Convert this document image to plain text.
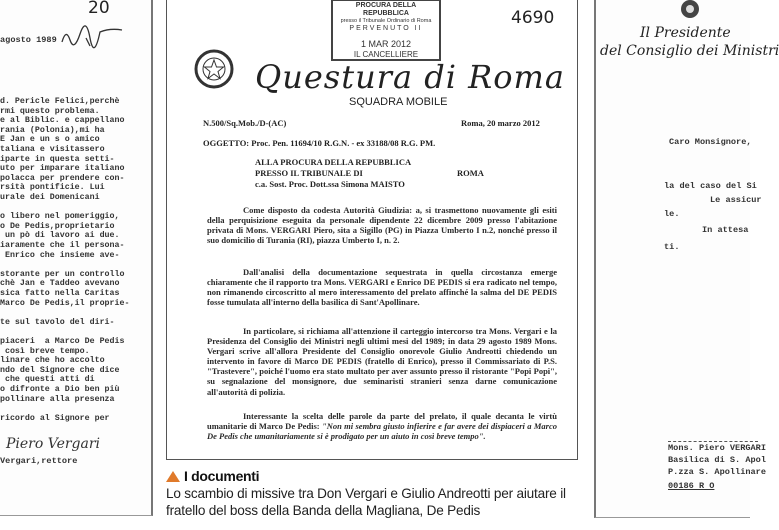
20
agosto 1989
d. Pericle Felici,perchè
rmi questo problema.
e al Biblic. e cappellano
rania (Polonia),mi ha
E Jan e un s o amico
taliana e visitassero
iparte in questa setti-
uto per imparare italiano
polacca per prendere con-
rsità pontificie. Lui
urale dei Domenicani
o libero nel pomeriggio,
o De Pedis,proprietario
un pò di lavoro ai due.
iaramente che il persona-
Enrico che insieme ave-
storante per un controllo
chè Jan e Taddeo avevano
sica fatto nella Caritas
Marco De Pedis,il proprie-
te sul tavolo del diri-
piaceri  a Marco De Pedis
così breve tempo.
linare che ho accolto
ndo del Signore che dice
che questi atti di
o difronte a Dio ben più
pollinare alla presenza
ricordo al Signore per
Piero Vergari
Vergari,rettore
PROCURA DELLA REPUBBLICA
presso il Tribunale Ordinario di Roma
PERVENUTO II
1 MAR 2012
IL CANCELLIERE
4690
Questura di Roma
SQUADRA MOBILE
N.500/Sq.Mob./D-(AC)	Roma, 20 marzo 2012
OGGETTO: Proc. Pen. 11694/10 R.G.N. - ex 33188/08 R.G. PM.
ALLA PROCURA DELLA REPUBBLICA
PRESSO IL TRIBUNALE DI
c.a. Sost. Proc. Dott.ssa Simona MAISTO
ROMA
Come disposto da codesta Autorità Giudizia: a, si trasmettono nuovamente gli esiti della perquisizione eseguita da personale dipendente 22 dicembre 2009 presso l'abitazione privata di Mons. VERGARI Piero, sita a Sigillo (PG) in Piazza Umberto I n.2, nonché presso il suo domicilio di Turania (RI), piazza Umberto I, n. 2.
Dall'analisi della documentazione sequestrata in quella circostanza emerge chiaramente che il rapporto tra Mons. VERGARI e Enrico DE PEDIS si era radicato nel tempo, non rimanendo circoscritto al mero interessamento del prelato affinché la salma del DE PEDIS fosse tumulata all'interno della basilica di Sant'Apollinare.
In particolare, si richiama all'attenzione il carteggio intercorso tra Mons. Vergari e la Presidenza del Consiglio dei Ministri negli ultimi mesi del 1989; in data 29 agosto 1989 Mons. Vergari scrive all'allora Presidente del Consiglio onorevole Giulio Andreotti chiedendo un intervento in favore di Marco DE PEDIS (fratello di Enrico), presso il Commissariato di P.S. "Trastevere", poiché l'uomo era stato multato per aver assunto presso il ristorante "Popi Popi", su segnalazione del monsignore, due seminaristi stranieri senza darne comunicazione all'autorità di polizia.
Interessante la scelta delle parole da parte del prelato, il quale decanta le virtù umanitarie di Marco De Pedis: "Non mi sembra giusto infierire e far avere dei dispiaceri a Marco De Pedis che umanitariamente si è prodigato per un aiuto in così breve tempo".
I documenti
Lo scambio di missive tra Don Vergari e Giulio Andreotti per aiutare il fratello del boss della Banda della Magliana, De Pedis
Il Presidente
del Consiglio dei Ministri
Caro Monsignore,
la del caso del Si
Le assicur
le.
In attesa
ti.
Mons. Piero VERGARI
Basilica di S. Apol
P.zza S. Apollinare
00186 R O
